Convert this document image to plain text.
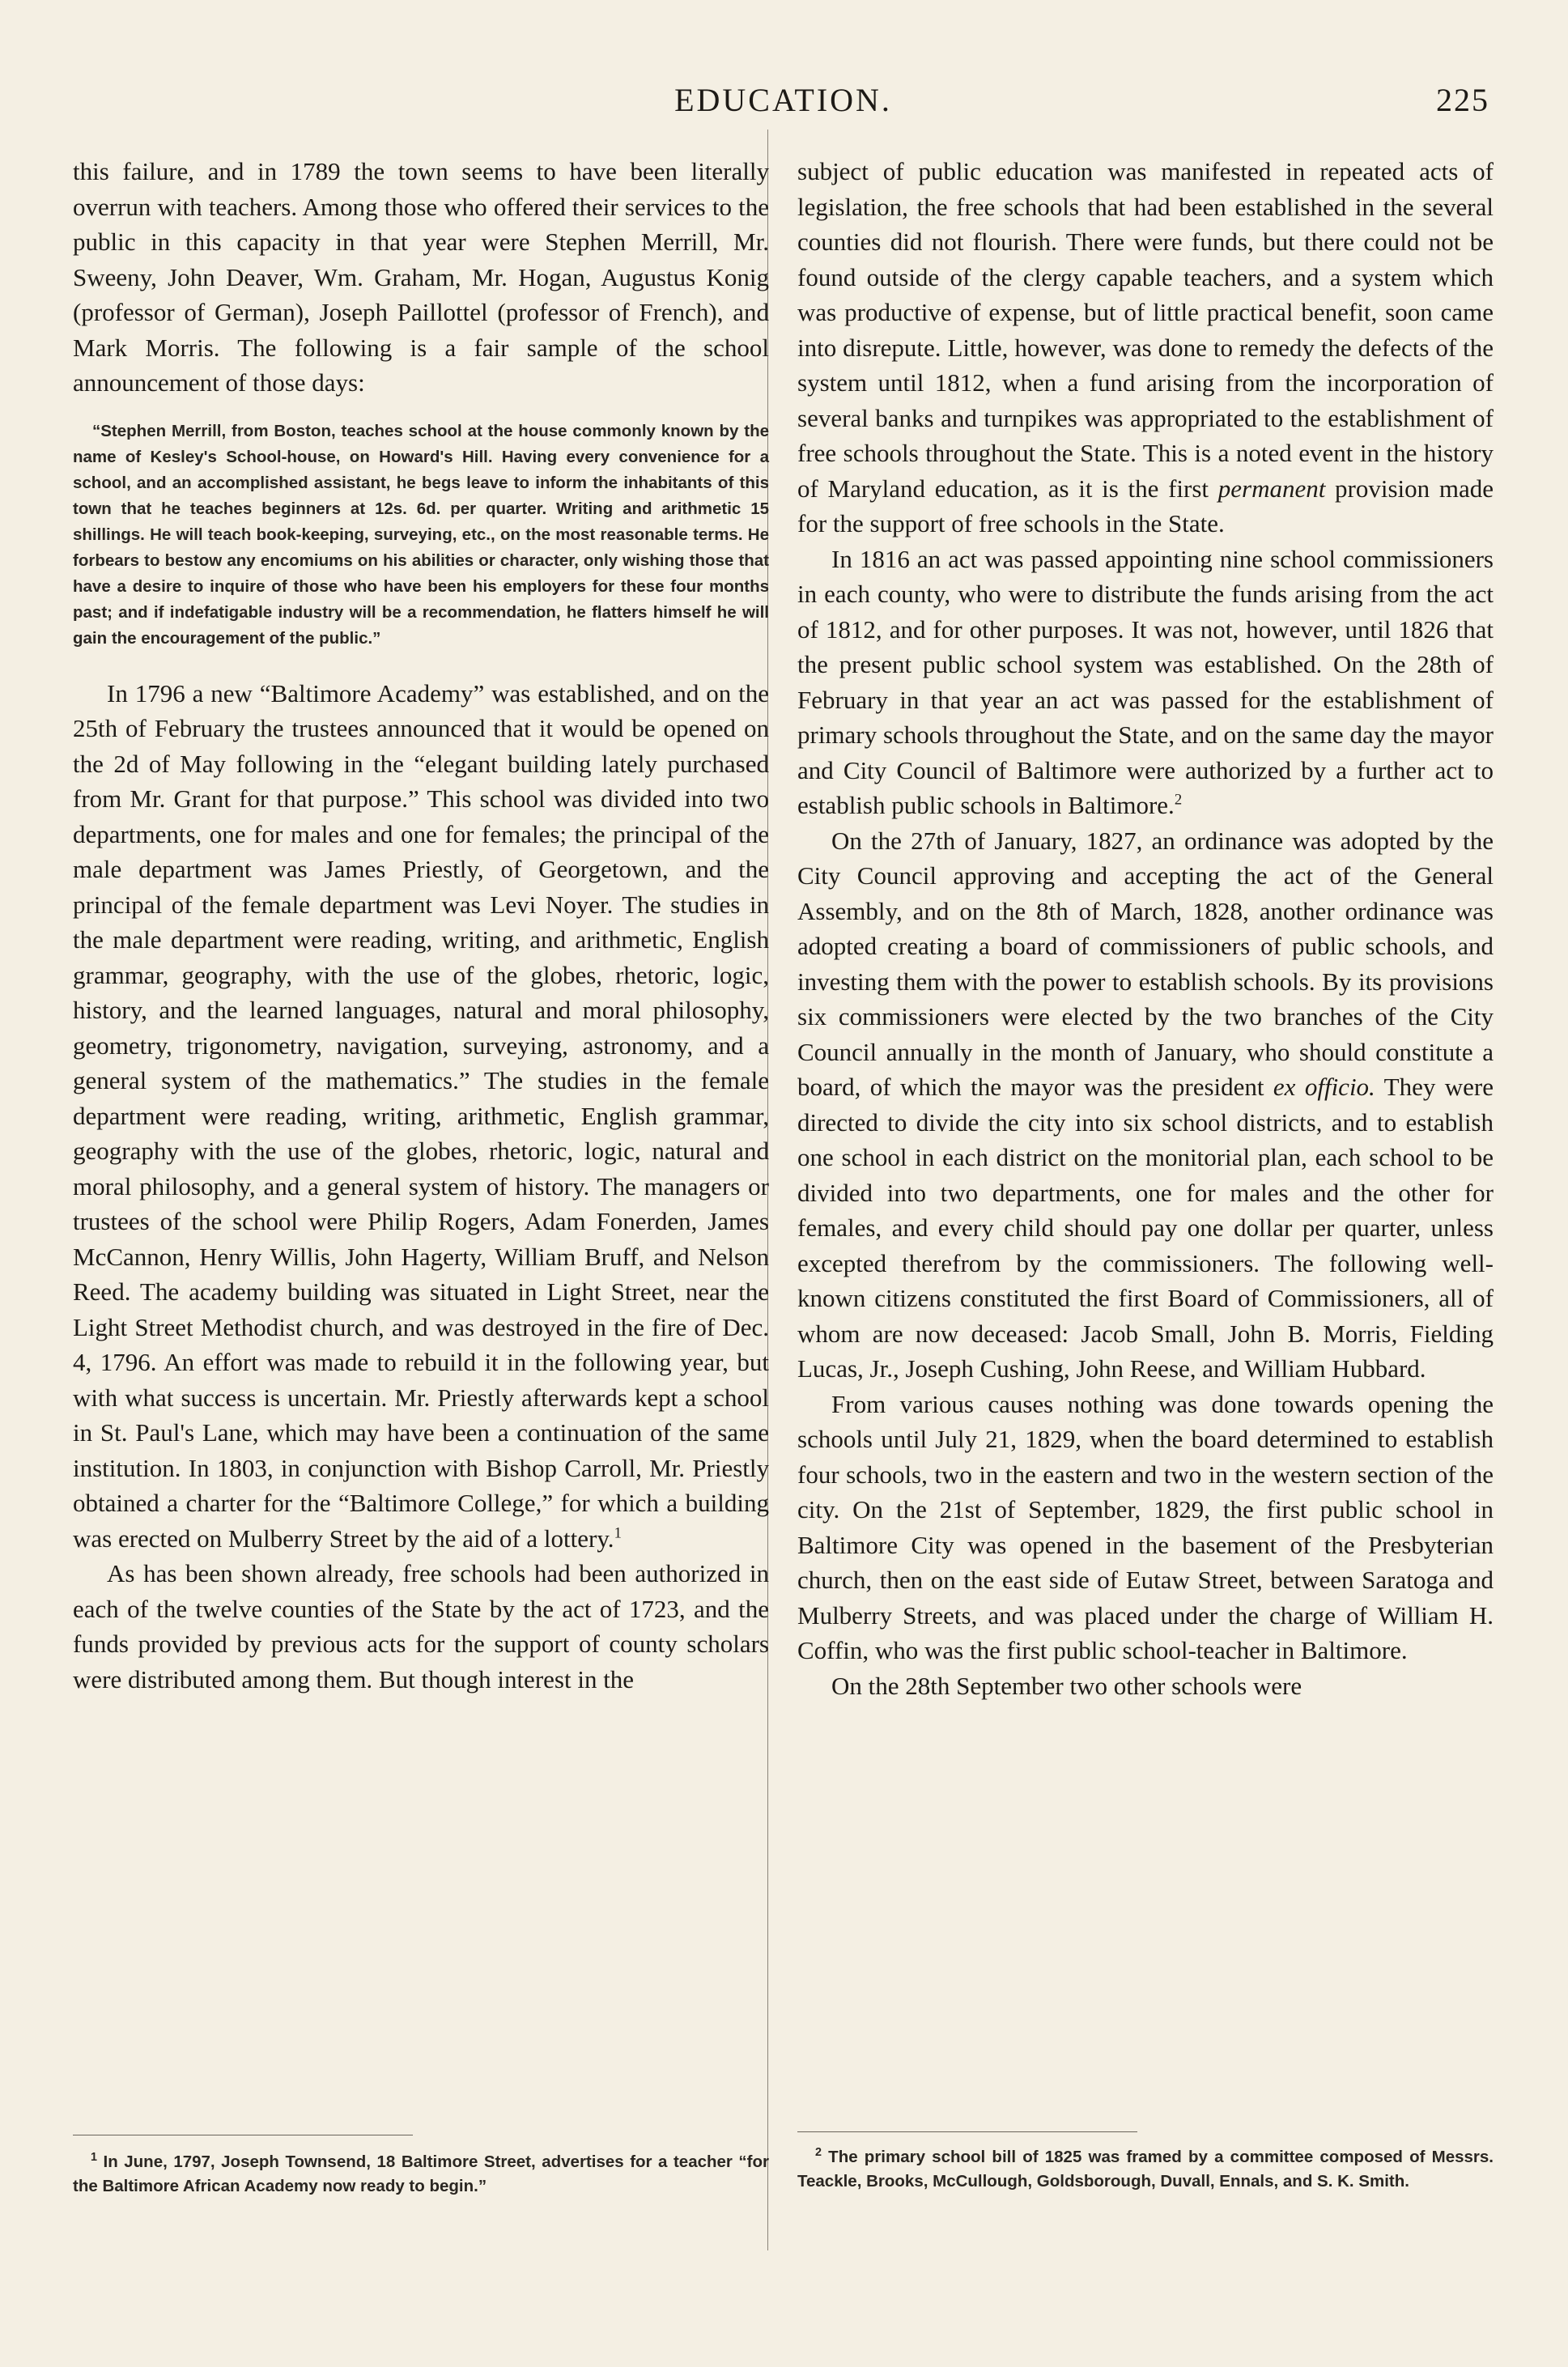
EDUCATION.	225

this failure, and in 1789 the town seems to have been literally overrun with teachers. Among those who offered their services to the public in this capacity in that year were Stephen Merrill, Mr. Sweeny, John Deaver, Wm. Graham, Mr. Hogan, Augustus Konig (professor of German), Joseph Paillottel (professor of French), and Mark Morris. The following is a fair sample of the school announcement of those days:

“Stephen Merrill, from Boston, teaches school at the house commonly known by the name of Kesley's School-house, on Howard's Hill. Having every convenience for a school, and an accomplished assistant, he begs leave to inform the inhabitants of this town that he teaches beginners at 12s. 6d. per quarter. Writing and arithmetic 15 shillings. He will teach book-keeping, surveying, etc., on the most reasonable terms. He forbears to bestow any encomiums on his abilities or character, only wishing those that have a desire to inquire of those who have been his employers for these four months past; and if indefatigable industry will be a recommendation, he flatters himself he will gain the encouragement of the public.”

In 1796 a new “Baltimore Academy” was established, and on the 25th of February the trustees announced that it would be opened on the 2d of May following in the “elegant building lately purchased from Mr. Grant for that purpose.” This school was divided into two departments, one for males and one for females; the principal of the male department was James Priestly, of Georgetown, and the principal of the female department was Levi Noyer. The studies in the male department were reading, writing, and arithmetic, English grammar, geography, with the use of the globes, rhetoric, logic, history, and the learned languages, natural and moral philosophy, geometry, trigonometry, navigation, surveying, astronomy, and a general system of the mathematics.” The studies in the female department were reading, writing, arithmetic, English grammar, geography with the use of the globes, rhetoric, logic, natural and moral philosophy, and a general system of history. The managers or trustees of the school were Philip Rogers, Adam Fonerden, James McCannon, Henry Willis, John Hagerty, William Bruff, and Nelson Reed. The academy building was situated in Light Street, near the Light Street Methodist church, and was destroyed in the fire of Dec. 4, 1796. An effort was made to rebuild it in the following year, but with what success is uncertain. Mr. Priestly afterwards kept a school in St. Paul's Lane, which may have been a continuation of the same institution. In 1803, in conjunction with Bishop Carroll, Mr. Priestly obtained a charter for the “Baltimore College,” for which a building was erected on Mulberry Street by the aid of a lottery.$^1$

As has been shown already, free schools had been authorized in each of the twelve counties of the State by the act of 1723, and the funds provided by previous acts for the support of county scholars were distributed among them. But though interest in the

subject of public education was manifested in repeated acts of legislation, the free schools that had been established in the several counties did not flourish. There were funds, but there could not be found outside of the clergy capable teachers, and a system which was productive of expense, but of little practical benefit, soon came into disrepute. Little, however, was done to remedy the defects of the system until 1812, when a fund arising from the incorporation of several banks and turnpikes was appropriated to the establishment of free schools throughout the State. This is a noted event in the history of Maryland education, as it is the first permanent provision made for the support of free schools in the State.

In 1816 an act was passed appointing nine school commissioners in each county, who were to distribute the funds arising from the act of 1812, and for other purposes. It was not, however, until 1826 that the present public school system was established. On the 28th of February in that year an act was passed for the establishment of primary schools throughout the State, and on the same day the mayor and City Council of Baltimore were authorized by a further act to establish public schools in Baltimore.$^2$

On the 27th of January, 1827, an ordinance was adopted by the City Council approving and accepting the act of the General Assembly, and on the 8th of March, 1828, another ordinance was adopted creating a board of commissioners of public schools, and investing them with the power to establish schools. By its provisions six commissioners were elected by the two branches of the City Council annually in the month of January, who should constitute a board, of which the mayor was the president ex officio. They were directed to divide the city into six school districts, and to establish one school in each district on the monitorial plan, each school to be divided into two departments, one for males and the other for females, and every child should pay one dollar per quarter, unless excepted therefrom by the commissioners. The following well-known citizens constituted the first Board of Commissioners, all of whom are now deceased: Jacob Small, John B. Morris, Fielding Lucas, Jr., Joseph Cushing, John Reese, and William Hubbard.

From various causes nothing was done towards opening the schools until July 21, 1829, when the board determined to establish four schools, two in the eastern and two in the western section of the city. On the 21st of September, 1829, the first public school in Baltimore City was opened in the basement of the Presbyterian church, then on the east side of Eutaw Street, between Saratoga and Mulberry Streets, and was placed under the charge of William H. Coffin, who was the first public school-teacher in Baltimore.

On the 28th September two other schools were

$^1$ In June, 1797, Joseph Townsend, 18 Baltimore Street, advertises for a teacher “for the Baltimore African Academy now ready to begin.”

$^2$ The primary school bill of 1825 was framed by a committee composed of Messrs. Teackle, Brooks, McCullough, Goldsborough, Duvall, Ennals, and S. K. Smith.
